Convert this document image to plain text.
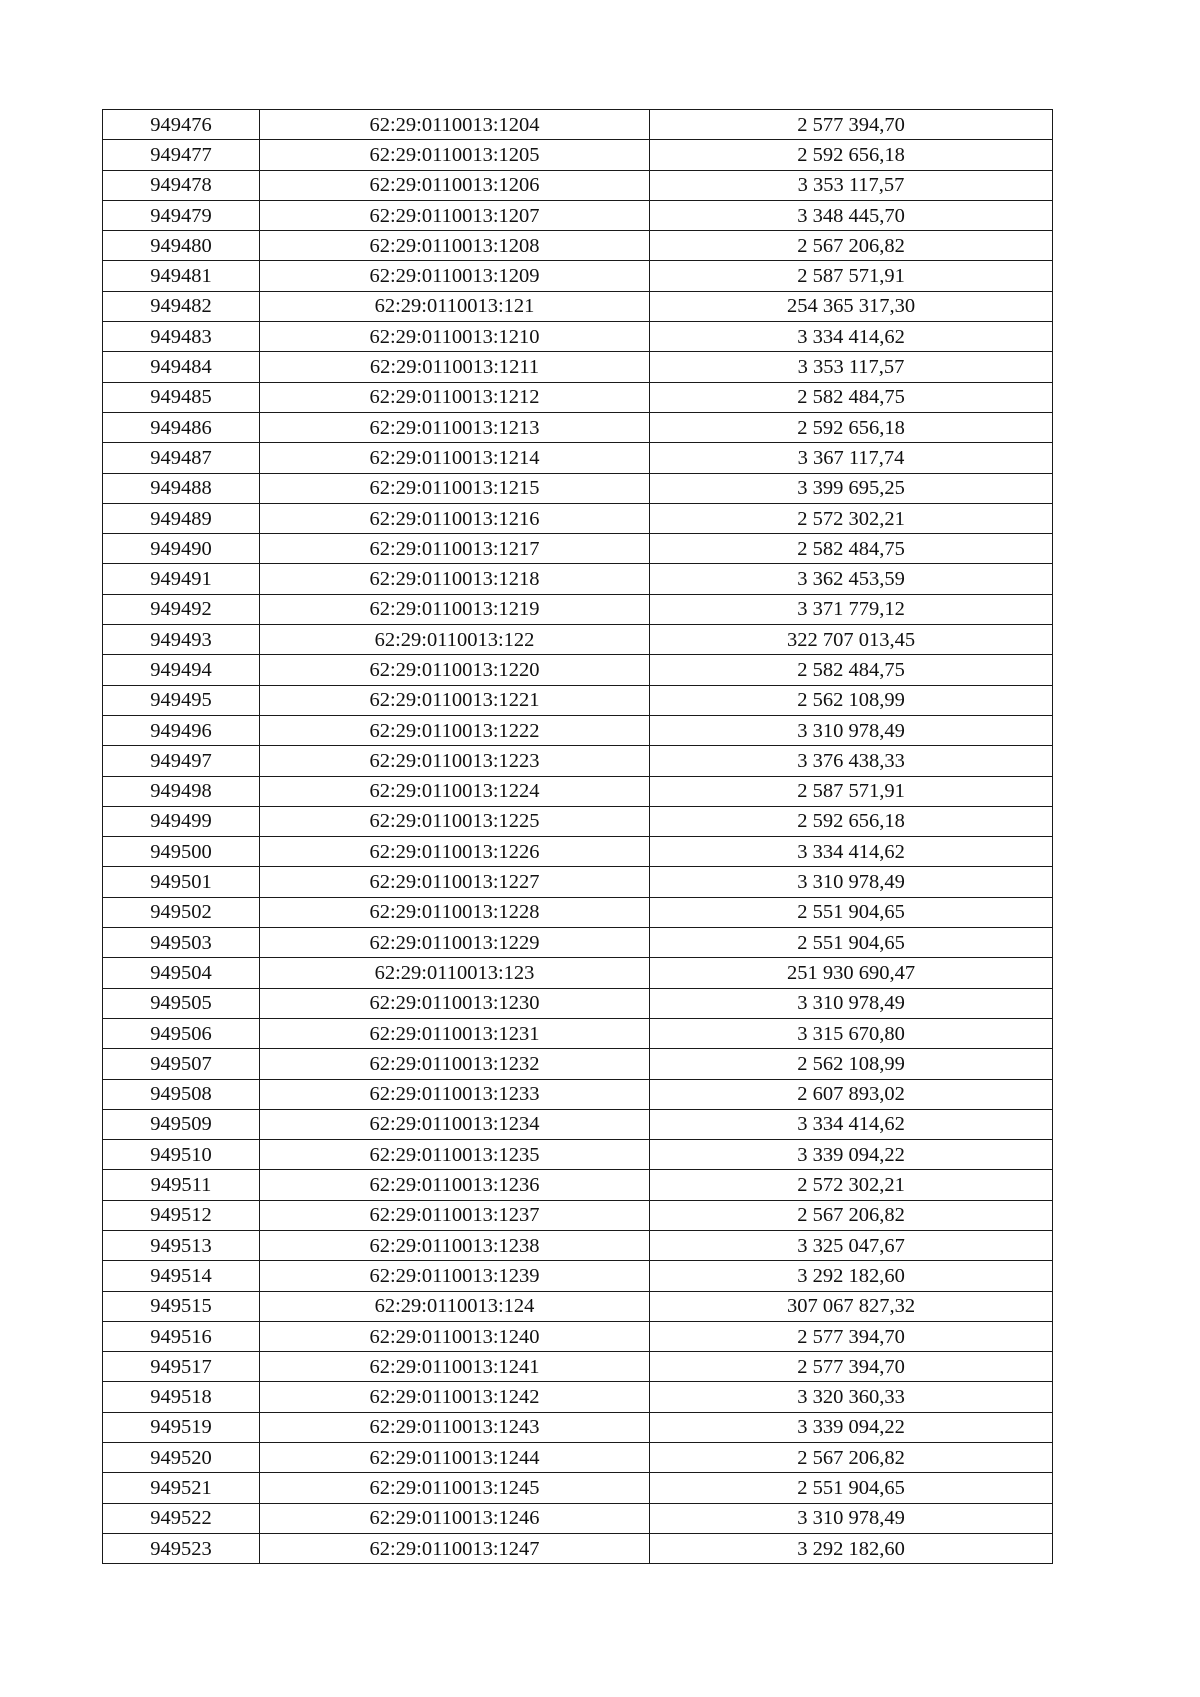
949476	62:29:0110013:1204	2 577 394,70
949477	62:29:0110013:1205	2 592 656,18
949478	62:29:0110013:1206	3 353 117,57
949479	62:29:0110013:1207	3 348 445,70
949480	62:29:0110013:1208	2 567 206,82
949481	62:29:0110013:1209	2 587 571,91
949482	62:29:0110013:121	254 365 317,30
949483	62:29:0110013:1210	3 334 414,62
949484	62:29:0110013:1211	3 353 117,57
949485	62:29:0110013:1212	2 582 484,75
949486	62:29:0110013:1213	2 592 656,18
949487	62:29:0110013:1214	3 367 117,74
949488	62:29:0110013:1215	3 399 695,25
949489	62:29:0110013:1216	2 572 302,21
949490	62:29:0110013:1217	2 582 484,75
949491	62:29:0110013:1218	3 362 453,59
949492	62:29:0110013:1219	3 371 779,12
949493	62:29:0110013:122	322 707 013,45
949494	62:29:0110013:1220	2 582 484,75
949495	62:29:0110013:1221	2 562 108,99
949496	62:29:0110013:1222	3 310 978,49
949497	62:29:0110013:1223	3 376 438,33
949498	62:29:0110013:1224	2 587 571,91
949499	62:29:0110013:1225	2 592 656,18
949500	62:29:0110013:1226	3 334 414,62
949501	62:29:0110013:1227	3 310 978,49
949502	62:29:0110013:1228	2 551 904,65
949503	62:29:0110013:1229	2 551 904,65
949504	62:29:0110013:123	251 930 690,47
949505	62:29:0110013:1230	3 310 978,49
949506	62:29:0110013:1231	3 315 670,80
949507	62:29:0110013:1232	2 562 108,99
949508	62:29:0110013:1233	2 607 893,02
949509	62:29:0110013:1234	3 334 414,62
949510	62:29:0110013:1235	3 339 094,22
949511	62:29:0110013:1236	2 572 302,21
949512	62:29:0110013:1237	2 567 206,82
949513	62:29:0110013:1238	3 325 047,67
949514	62:29:0110013:1239	3 292 182,60
949515	62:29:0110013:124	307 067 827,32
949516	62:29:0110013:1240	2 577 394,70
949517	62:29:0110013:1241	2 577 394,70
949518	62:29:0110013:1242	3 320 360,33
949519	62:29:0110013:1243	3 339 094,22
949520	62:29:0110013:1244	2 567 206,82
949521	62:29:0110013:1245	2 551 904,65
949522	62:29:0110013:1246	3 310 978,49
949523	62:29:0110013:1247	3 292 182,60
